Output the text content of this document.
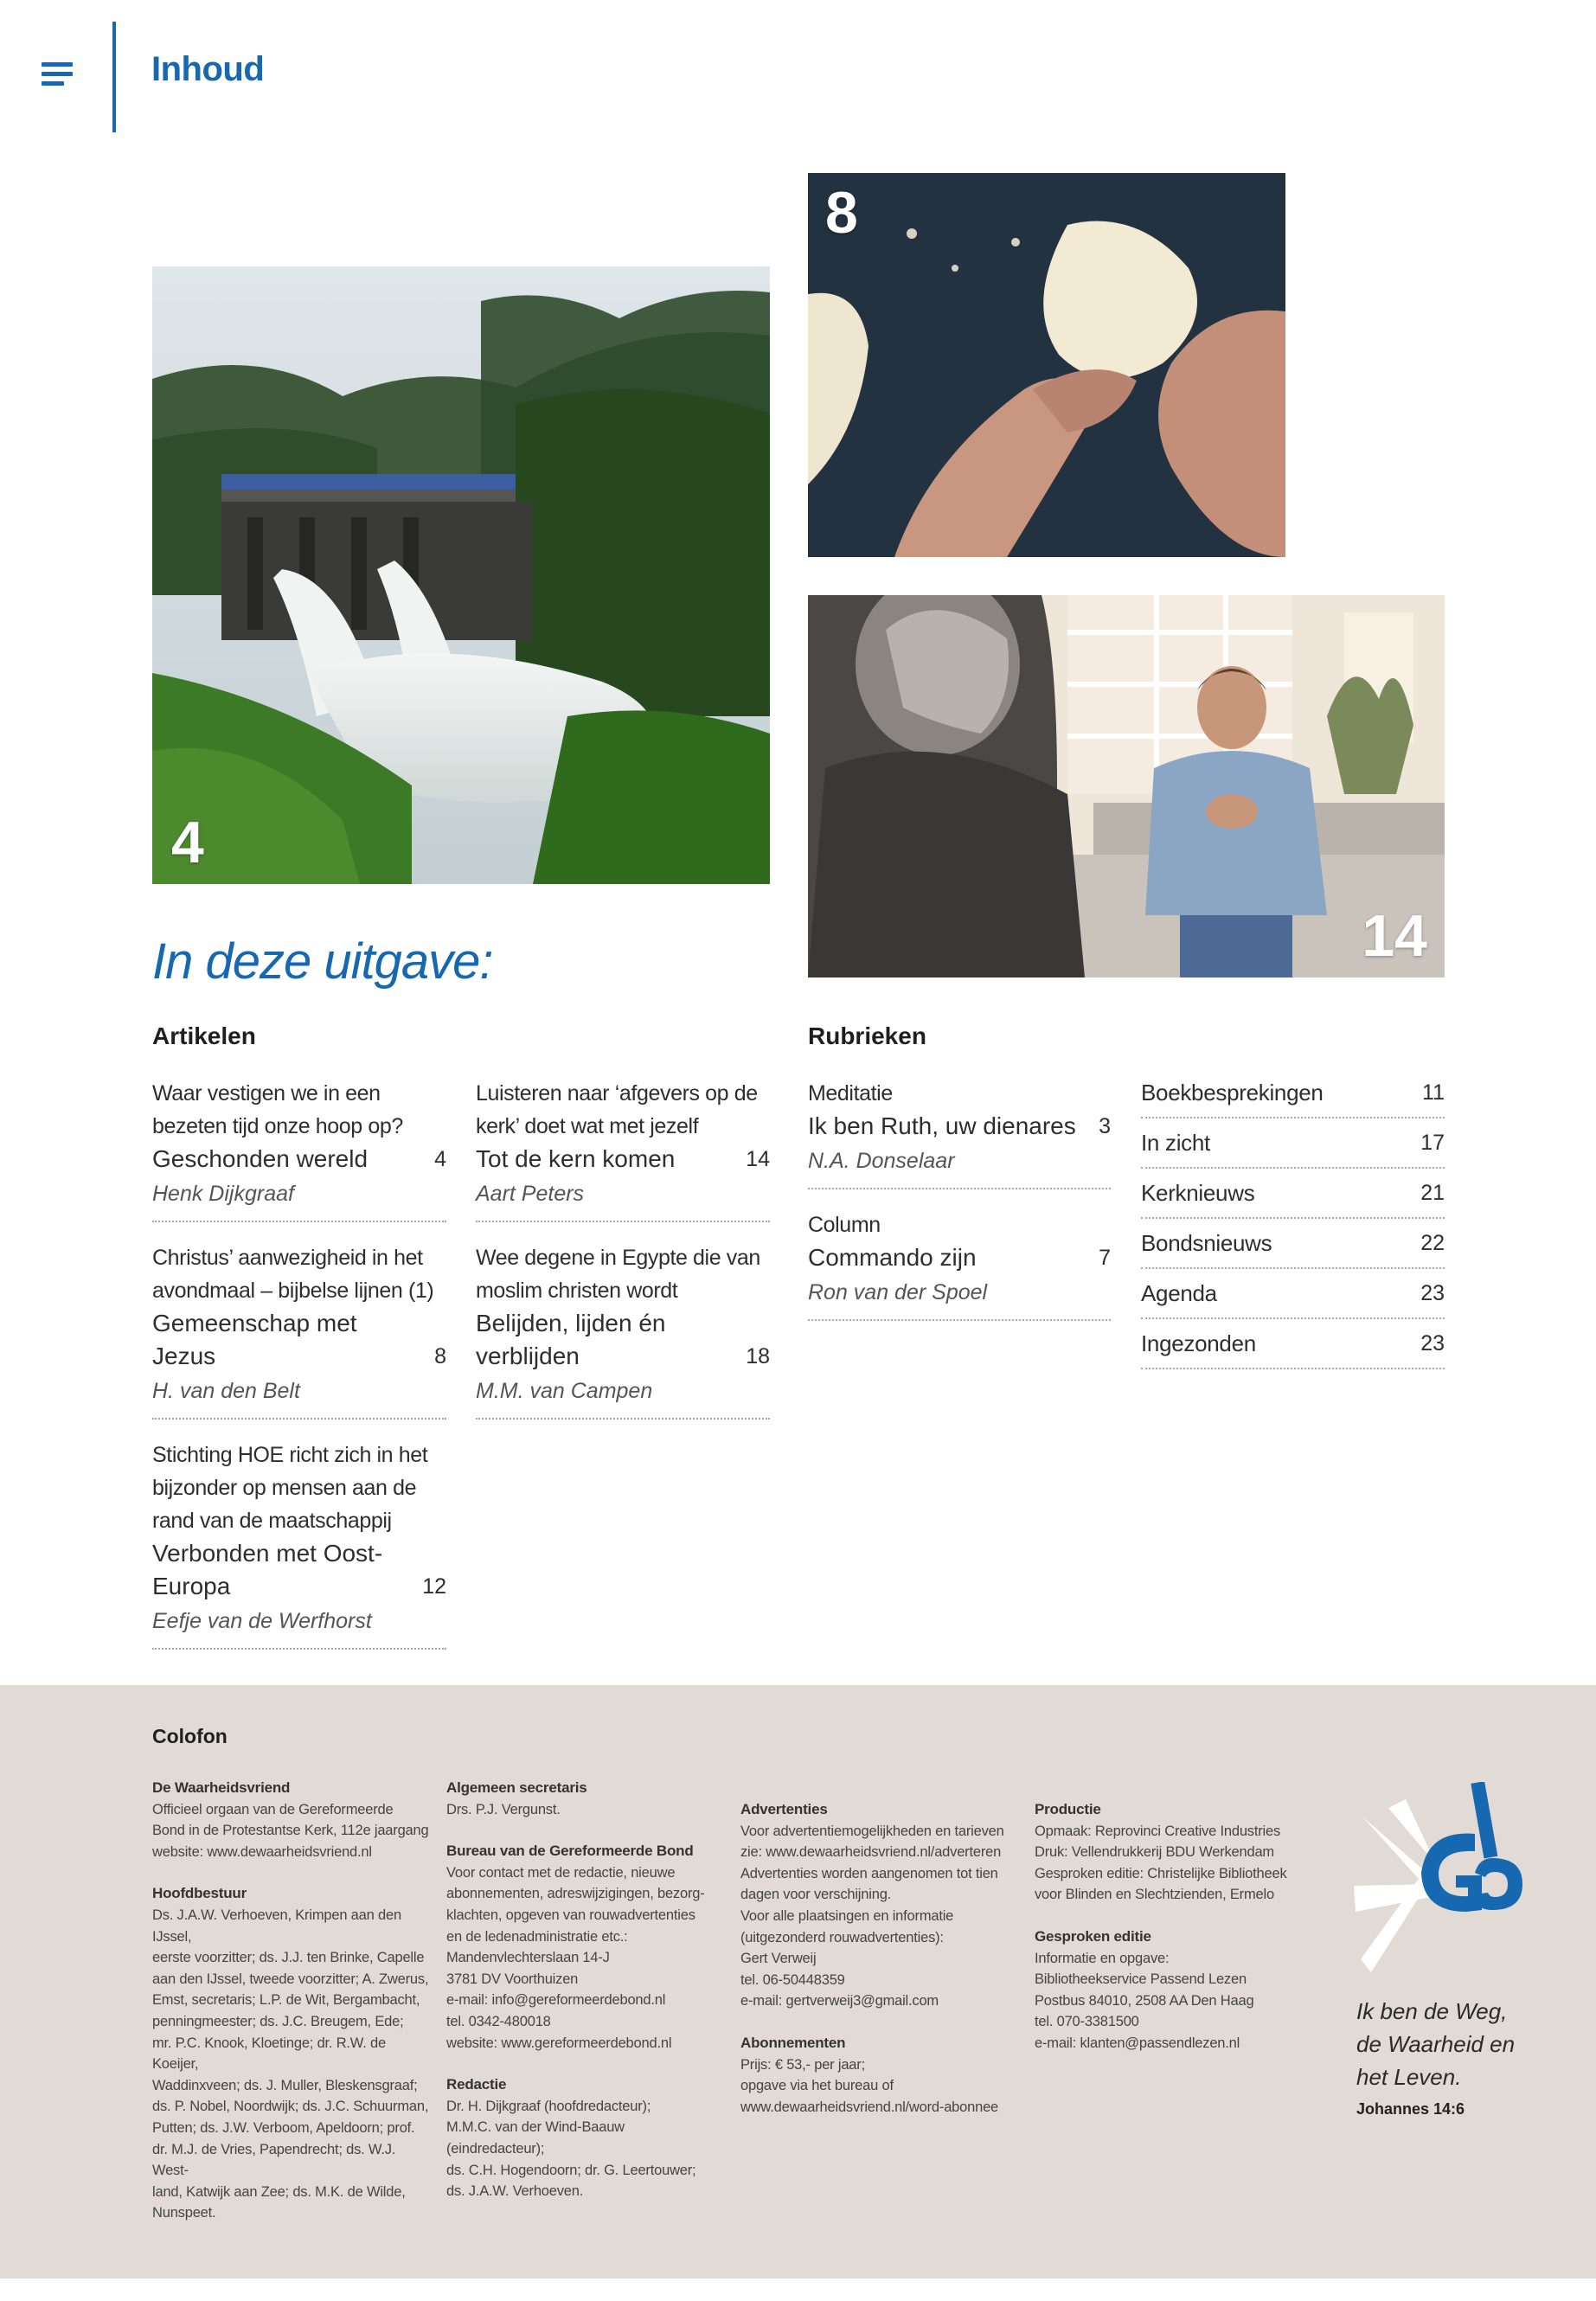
Inhoud
4
8
14
In deze uitgave:
Artikelen	Rubrieken
Waar vestigen we in een bezeten tijd onze hoop op?
Geschonden wereld	4
Henk Dijkgraaf
Christus’ aanwezigheid in het avondmaal – bijbelse lijnen (1)
Gemeenschap met Jezus	8
H. van den Belt
Stichting HOE richt zich in het bijzonder op mensen aan de rand van de maatschappij
Verbonden met Oost-Europa	12
Eefje van de Werfhorst
Luisteren naar ‘afgevers op de kerk’ doet wat met jezelf
Tot de kern komen	14
Aart Peters
Wee degene in Egypte die van moslim christen wordt
Belijden, lijden én verblijden	18
M.M. van Campen
Meditatie
Ik ben Ruth, uw dienares 3
N.A. Donselaar
Column
Commando zijn	7
Ron van der Spoel
Boekbesprekingen	11
In zicht	17
Kerknieuws	21
Bondsnieuws	22
Agenda	23
Ingezonden	23
Colofon
De Waarheidsvriend

Officieel orgaan van de Gereformeerde
Bond in de Protestantse Kerk, 112e jaargang
website: www.dewaarheidsvriend.nl

Hoofdbestuur

Ds. J.A.W. Verhoeven, Krimpen aan den IJssel,
eerste voorzitter; ds. J.J. ten Brinke, Capelle
aan den IJssel, tweede voorzitter; A. Zwerus,
Emst, secretaris; L.P. de Wit, Bergambacht,
penningmeester; ds. J.C. Breugem, Ede;
mr. P.C. Knook, Kloetinge; dr. R.W. de Koeijer,
Waddinxveen; ds. J. Muller, Bleskensgraaf;
ds. P. Nobel, Noordwijk; ds. J.C. Schuurman,
Putten; ds. J.W. Verboom, Apeldoorn; prof.
dr. M.J. de Vries, Papendrecht; ds. W.J. West-
land, Katwijk aan Zee; ds. M.K. de Wilde,
Nunspeet.

Algemeen secretaris

Drs. P.J. Vergunst.

Bureau van de Gereformeerde Bond

Voor contact met de redactie, nieuwe
abonnementen, adreswijzigingen, bezorg-
klachten, opgeven van rouwadvertenties
en de ledenadministratie etc.:
Mandenvlechterslaan 14-J
3781 DV Voorthuizen
e-mail: info@gereformeerdebond.nl
tel. 0342-480018
website: www.gereformeerdebond.nl

Redactie

Dr. H. Dijkgraaf (hoofdredacteur);
M.M.C. van der Wind-Baauw (eindredacteur);
ds. C.H. Hogendoorn; dr. G. Leertouwer;
ds. J.A.W. Verhoeven.

Advertenties

Voor advertentiemogelijkheden en tarieven
zie: www.dewaarheidsvriend.nl/adverteren
Advertenties worden aangenomen tot tien
dagen voor verschijning.
Voor alle plaatsingen en informatie
(uitgezonderd rouwadvertenties):
Gert Verweij
tel. 06-50448359
e-mail: gertverweij3@gmail.com

Abonnementen

Prijs: € 53,- per jaar;
opgave via het bureau of
www.dewaarheidsvriend.nl/word-abonnee

Productie

Opmaak: Reprovinci Creative Industries
Druk: Vellendrukkerij BDU Werkendam
Gesproken editie: Christelijke Bibliotheek
voor Blinden en Slechtzienden, Ermelo

Gesproken editie

Informatie en opgave:
Bibliotheekservice Passend Lezen
Postbus 84010, 2508 AA Den Haag
tel. 070-3381500
e-mail: klanten@passendlezen.nl

Ik ben de Weg,
de Waarheid en
het Leven.
Johannes 14:6
